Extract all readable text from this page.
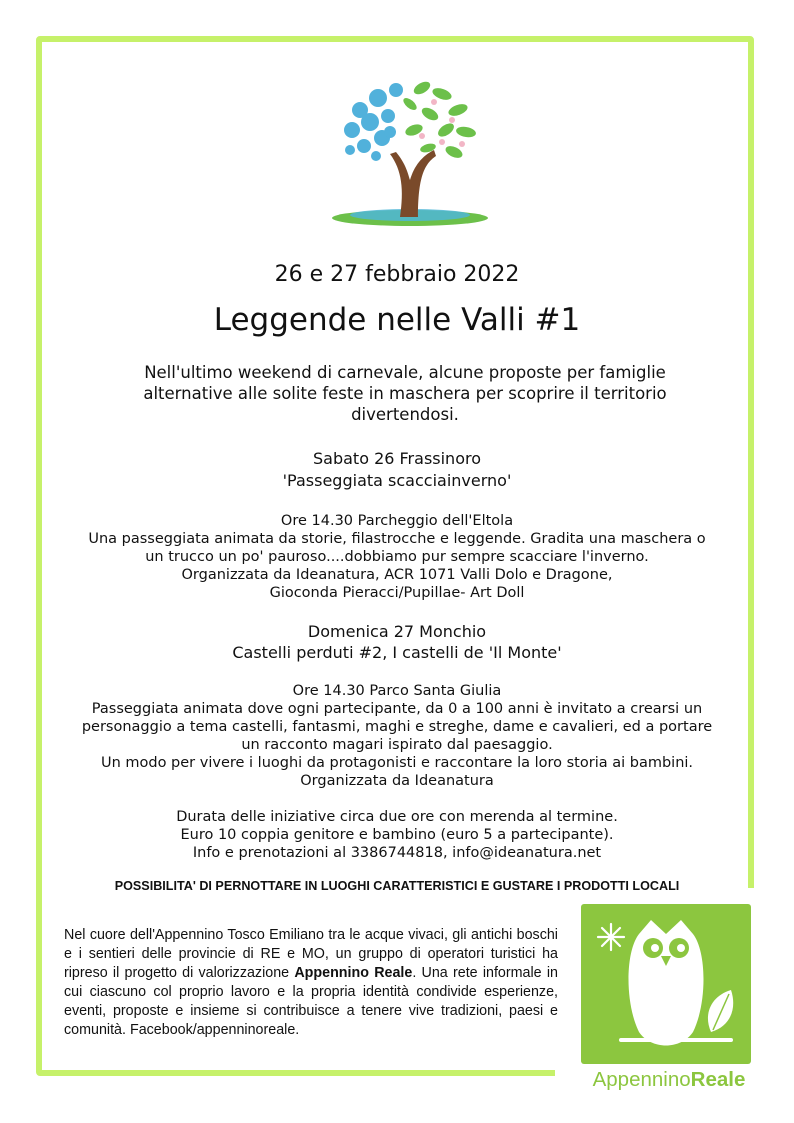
26 e 27 febbraio 2022
Leggende nelle Valli #1
Nell'ultimo weekend di carnevale, alcune proposte per famiglie alternative alle solite feste in maschera per scoprire il territorio divertendosi.
Sabato 26 Frassinoro
'Passeggiata scacciainverno'
Ore 14.30 Parcheggio dell'Eltola
Una passeggiata animata da storie, filastrocche e leggende. Gradita una maschera o
un trucco un po' pauroso....dobbiamo pur sempre scacciare l'inverno.
Organizzata da Ideanatura, ACR 1071 Valli Dolo e Dragone,
Gioconda Pieracci/Pupillae- Art Doll
Domenica 27 Monchio
Castelli perduti #2, I castelli de 'Il Monte'
Ore 14.30 Parco Santa Giulia
Passeggiata animata dove ogni partecipante, da 0 a 100 anni è invitato a crearsi un
personaggio a tema castelli, fantasmi, maghi e streghe, dame e cavalieri, ed a portare
un racconto magari ispirato dal paesaggio.
Un modo per vivere i luoghi da protagonisti e raccontare la loro storia ai bambini.
Organizzata da Ideanatura
Durata delle iniziative circa due ore con merenda al termine.
Euro 10 coppia genitore e bambino (euro 5 a partecipante).
Info e prenotazioni al 3386744818, info@ideanatura.net
POSSIBILITA' DI PERNOTTARE IN LUOGHI CARATTERISTICI E GUSTARE I PRODOTTI LOCALI
Nel cuore dell'Appennino Tosco Emiliano tra le acque vivaci, gli antichi boschi e i sentieri delle provincie di RE e MO, un gruppo di operatori turistici ha ripreso il progetto di valorizzazione Appennino Reale. Una rete informale in cui ciascuno col proprio lavoro e la propria identità condivide esperienze, eventi, proposte e insieme si contribuisce a tenere vive tradizioni, paesi e comunità. Facebook/appenninoreale.
AppenninoReale
